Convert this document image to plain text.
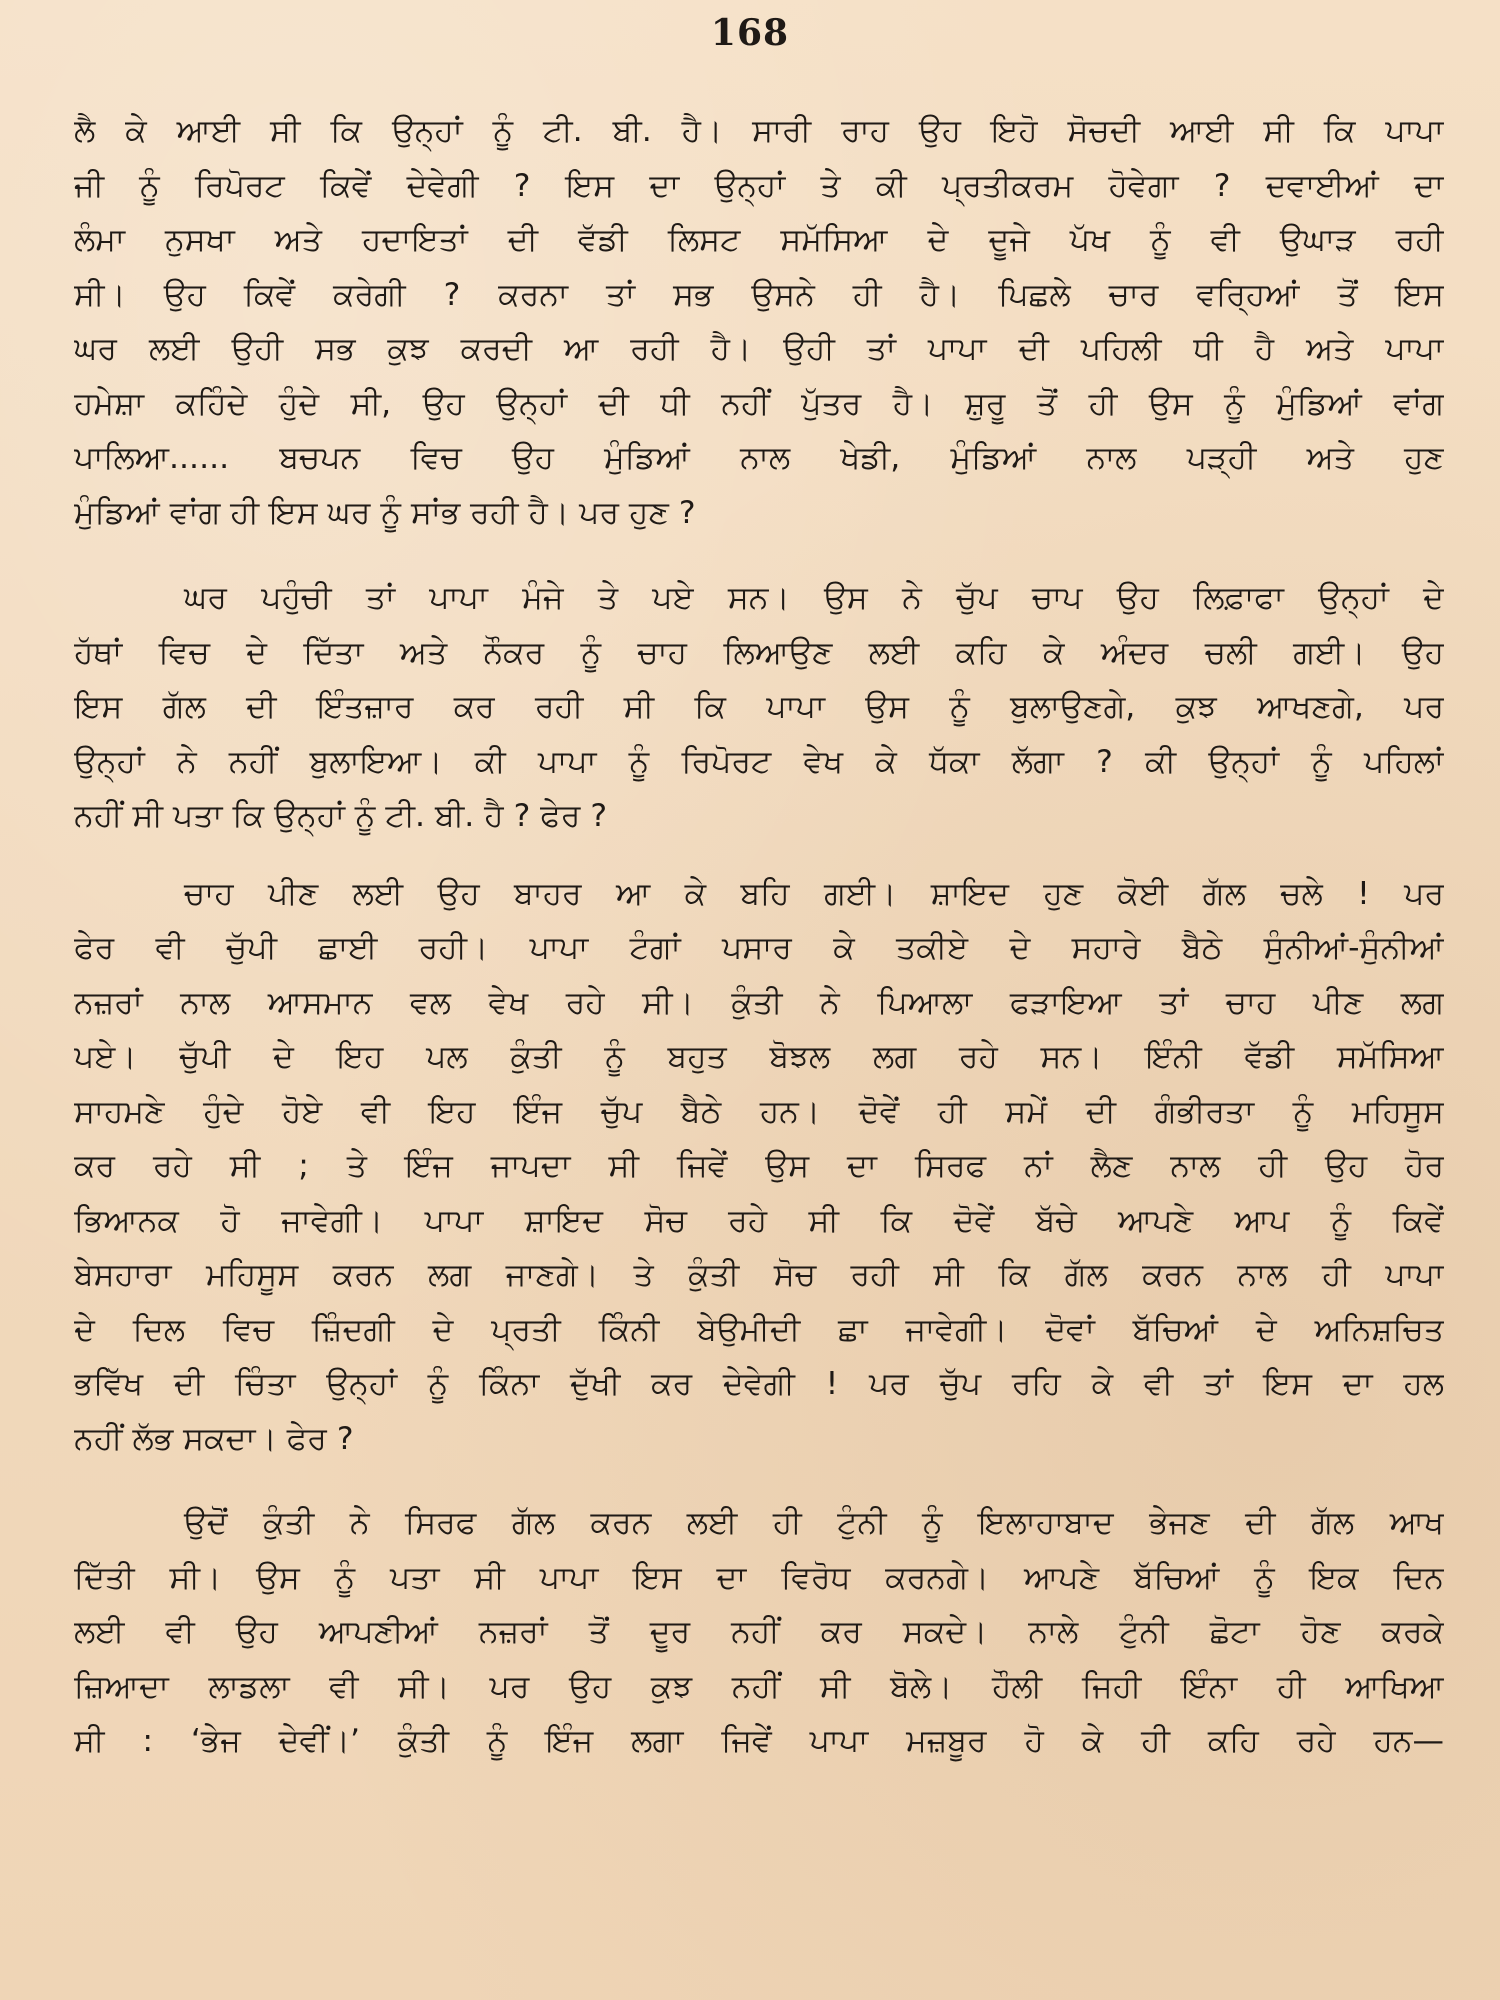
168
ਲੈ ਕੇ ਆਈ ਸੀ ਕਿ ਉਨ੍ਹਾਂ ਨੂੰ ਟੀ. ਬੀ. ਹੈ। ਸਾਰੀ ਰਾਹ ਉਹ ਇਹੋ ਸੋਚਦੀ ਆਈ ਸੀ ਕਿ ਪਾਪਾ
ਜੀ ਨੂੰ ਰਿਪੋਰਟ ਕਿਵੇਂ ਦੇਵੇਗੀ ? ਇਸ ਦਾ ਉਨ੍ਹਾਂ ਤੇ ਕੀ ਪ੍ਰਤੀਕਰਮ ਹੋਵੇਗਾ ? ਦਵਾਈਆਂ ਦਾ
ਲੰਮਾ ਨੁਸਖਾ ਅਤੇ ਹਦਾਇਤਾਂ ਦੀ ਵੱਡੀ ਲਿਸਟ ਸਮੱਸਿਆ ਦੇ ਦੂਜੇ ਪੱਖ ਨੂੰ ਵੀ ਉਘਾੜ ਰਹੀ
ਸੀ। ਉਹ ਕਿਵੇਂ ਕਰੇਗੀ ? ਕਰਨਾ ਤਾਂ ਸਭ ਉਸਨੇ ਹੀ ਹੈ। ਪਿਛਲੇ ਚਾਰ ਵਰ੍ਹਿਆਂ ਤੋਂ ਇਸ
ਘਰ ਲਈ ਉਹੀ ਸਭ ਕੁਝ ਕਰਦੀ ਆ ਰਹੀ ਹੈ। ਉਹੀ ਤਾਂ ਪਾਪਾ ਦੀ ਪਹਿਲੀ ਧੀ ਹੈ ਅਤੇ ਪਾਪਾ
ਹਮੇਸ਼ਾ ਕਹਿੰਦੇ ਹੁੰਦੇ ਸੀ, ਉਹ ਉਨ੍ਹਾਂ ਦੀ ਧੀ ਨਹੀਂ ਪੁੱਤਰ ਹੈ। ਸ਼ੁਰੂ ਤੋਂ ਹੀ ਉਸ ਨੂੰ ਮੁੰਡਿਆਂ ਵਾਂਗ
ਪਾਲਿਆ...... ਬਚਪਨ ਵਿਚ ਉਹ ਮੁੰਡਿਆਂ ਨਾਲ ਖੇਡੀ, ਮੁੰਡਿਆਂ ਨਾਲ ਪੜ੍ਹੀ ਅਤੇ ਹੁਣ
ਮੁੰਡਿਆਂ ਵਾਂਗ ਹੀ ਇਸ ਘਰ ਨੂੰ ਸਾਂਭ ਰਹੀ ਹੈ। ਪਰ ਹੁਣ ?
ਘਰ ਪਹੁੰਚੀ ਤਾਂ ਪਾਪਾ ਮੰਜੇ ਤੇ ਪਏ ਸਨ। ਉਸ ਨੇ ਚੁੱਪ ਚਾਪ ਉਹ ਲਿਫ਼ਾਫਾ ਉਨ੍ਹਾਂ ਦੇ
ਹੱਥਾਂ ਵਿਚ ਦੇ ਦਿੱਤਾ ਅਤੇ ਨੌਕਰ ਨੂੰ ਚਾਹ ਲਿਆਉਣ ਲਈ ਕਹਿ ਕੇ ਅੰਦਰ ਚਲੀ ਗਈ। ਉਹ
ਇਸ ਗੱਲ ਦੀ ਇੰਤਜ਼ਾਰ ਕਰ ਰਹੀ ਸੀ ਕਿ ਪਾਪਾ ਉਸ ਨੂੰ ਬੁਲਾਉਣਗੇ, ਕੁਝ ਆਖਣਗੇ, ਪਰ
ਉਨ੍ਹਾਂ ਨੇ ਨਹੀਂ ਬੁਲਾਇਆ। ਕੀ ਪਾਪਾ ਨੂੰ ਰਿਪੋਰਟ ਵੇਖ ਕੇ ਧੱਕਾ ਲੱਗਾ ? ਕੀ ਉਨ੍ਹਾਂ ਨੂੰ ਪਹਿਲਾਂ
ਨਹੀਂ ਸੀ ਪਤਾ ਕਿ ਉਨ੍ਹਾਂ ਨੂੰ ਟੀ. ਬੀ. ਹੈ ? ਫੇਰ ?
ਚਾਹ ਪੀਣ ਲਈ ਉਹ ਬਾਹਰ ਆ ਕੇ ਬਹਿ ਗਈ। ਸ਼ਾਇਦ ਹੁਣ ਕੋਈ ਗੱਲ ਚਲੇ ! ਪਰ
ਫੇਰ ਵੀ ਚੁੱਪੀ ਛਾਈ ਰਹੀ। ਪਾਪਾ ਟੰਗਾਂ ਪਸਾਰ ਕੇ ਤਕੀਏ ਦੇ ਸਹਾਰੇ ਬੈਠੇ ਸੁੰਨੀਆਂ-ਸੁੰਨੀਆਂ
ਨਜ਼ਰਾਂ ਨਾਲ ਆਸਮਾਨ ਵਲ ਵੇਖ ਰਹੇ ਸੀ। ਕੁੰਤੀ ਨੇ ਪਿਆਲਾ ਫੜਾਇਆ ਤਾਂ ਚਾਹ ਪੀਣ ਲਗ
ਪਏ। ਚੁੱਪੀ ਦੇ ਇਹ ਪਲ ਕੁੰਤੀ ਨੂੰ ਬਹੁਤ ਬੋਝਲ ਲਗ ਰਹੇ ਸਨ। ਇੰਨੀ ਵੱਡੀ ਸਮੱਸਿਆ
ਸਾਹਮਣੇ ਹੁੰਦੇ ਹੋਏ ਵੀ ਇਹ ਇੰਜ ਚੁੱਪ ਬੈਠੇ ਹਨ। ਦੋਵੇਂ ਹੀ ਸਮੇਂ ਦੀ ਗੰਭੀਰਤਾ ਨੂੰ ਮਹਿਸੂਸ
ਕਰ ਰਹੇ ਸੀ ; ਤੇ ਇੰਜ ਜਾਪਦਾ ਸੀ ਜਿਵੇਂ ਉਸ ਦਾ ਸਿਰਫ ਨਾਂ ਲੈਣ ਨਾਲ ਹੀ ਉਹ ਹੋਰ
ਭਿਆਨਕ ਹੋ ਜਾਵੇਗੀ। ਪਾਪਾ ਸ਼ਾਇਦ ਸੋਚ ਰਹੇ ਸੀ ਕਿ ਦੋਵੇਂ ਬੱਚੇ ਆਪਣੇ ਆਪ ਨੂੰ ਕਿਵੇਂ
ਬੇਸਹਾਰਾ ਮਹਿਸੂਸ ਕਰਨ ਲਗ ਜਾਣਗੇ। ਤੇ ਕੁੰਤੀ ਸੋਚ ਰਹੀ ਸੀ ਕਿ ਗੱਲ ਕਰਨ ਨਾਲ ਹੀ ਪਾਪਾ
ਦੇ ਦਿਲ ਵਿਚ ਜ਼ਿੰਦਗੀ ਦੇ ਪ੍ਰਤੀ ਕਿੰਨੀ ਬੇਉਮੀਦੀ ਛਾ ਜਾਵੇਗੀ। ਦੋਵਾਂ ਬੱਚਿਆਂ ਦੇ ਅਨਿਸ਼ਚਿਤ
ਭਵਿੱਖ ਦੀ ਚਿੰਤਾ ਉਨ੍ਹਾਂ ਨੂੰ ਕਿੰਨਾ ਦੁੱਖੀ ਕਰ ਦੇਵੇਗੀ ! ਪਰ ਚੁੱਪ ਰਹਿ ਕੇ ਵੀ ਤਾਂ ਇਸ ਦਾ ਹਲ
ਨਹੀਂ ਲੱਭ ਸਕਦਾ। ਫੇਰ ?
ਉਦੋਂ ਕੁੰਤੀ ਨੇ ਸਿਰਫ ਗੱਲ ਕਰਨ ਲਈ ਹੀ ਟੁੰਨੀ ਨੂੰ ਇਲਾਹਾਬਾਦ ਭੇਜਣ ਦੀ ਗੱਲ ਆਖ
ਦਿੱਤੀ ਸੀ। ਉਸ ਨੂੰ ਪਤਾ ਸੀ ਪਾਪਾ ਇਸ ਦਾ ਵਿਰੋਧ ਕਰਨਗੇ। ਆਪਣੇ ਬੱਚਿਆਂ ਨੂੰ ਇਕ ਦਿਨ
ਲਈ ਵੀ ਉਹ ਆਪਣੀਆਂ ਨਜ਼ਰਾਂ ਤੋਂ ਦੂਰ ਨਹੀਂ ਕਰ ਸਕਦੇ। ਨਾਲੇ ਟੁੰਨੀ ਛੋਟਾ ਹੋਣ ਕਰਕੇ
ਜ਼ਿਆਦਾ ਲਾਡਲਾ ਵੀ ਸੀ। ਪਰ ਉਹ ਕੁਝ ਨਹੀਂ ਸੀ ਬੋਲੇ। ਹੌਲੀ ਜਿਹੀ ਇੰਨਾ ਹੀ ਆਖਿਆ
ਸੀ : ‘ਭੇਜ ਦੇਵੀਂ।’ ਕੁੰਤੀ ਨੂੰ ਇੰਜ ਲਗਾ ਜਿਵੇਂ ਪਾਪਾ ਮਜ਼ਬੂਰ ਹੋ ਕੇ ਹੀ ਕਹਿ ਰਹੇ ਹਨ—
